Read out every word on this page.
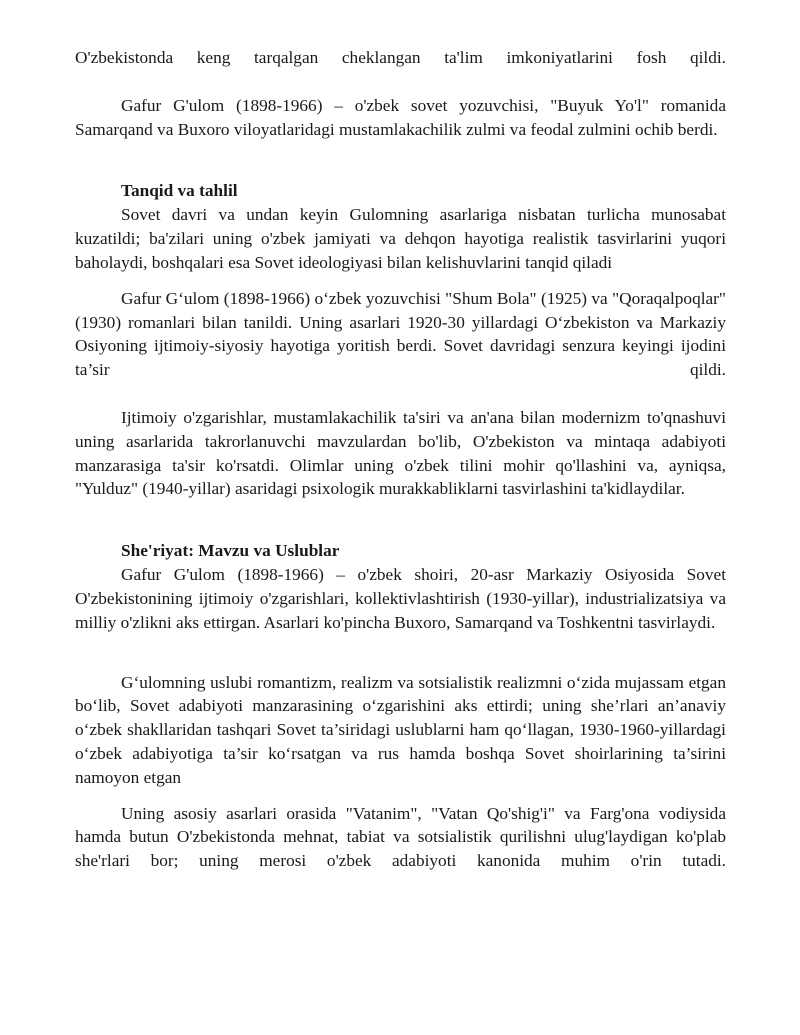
O'zbekistonda keng tarqalgan cheklangan ta'lim imkoniyatlarini fosh qildi.

Gafur G'ulom (1898-1966) – o'zbek sovet yozuvchisi, "Buyuk Yo'l" romanida Samarqand va Buxoro viloyatlaridagi mustamlakachilik zulmi va feodal zulmini ochib berdi.

Tanqid va tahlil

Sovet davri va undan keyin Gulomning asarlariga nisbatan turlicha munosabat kuzatildi; ba'zilari uning o'zbek jamiyati va dehqon hayotiga realistik tasvirlarini yuqori baholaydi, boshqalari esa Sovet ideologiyasi bilan kelishuvlarini tanqid qiladi

Gafur G‘ulom (1898-1966) o‘zbek yozuvchisi "Shum Bola" (1925) va "Qoraqalpoqlar" (1930) romanlari bilan tanildi. Uning asarlari 1920-30 yillardagi O‘zbekiston va Markaziy Osiyoning ijtimoiy-siyosiy hayotiga yoritish berdi. Sovet davridagi senzura keyingi ijodini ta’sir qildi.

Ijtimoiy o'zgarishlar, mustamlakachilik ta'siri va an'ana bilan modernizm to'qnashuvi uning asarlarida takrorlanuvchi mavzulardan bo'lib, O'zbekiston va mintaqa adabiyoti manzarasiga ta'sir ko'rsatdi. Olimlar uning o'zbek tilini mohir qo'llashini va, ayniqsa, "Yulduz" (1940-yillar) asaridagi psixologik murakkabliklarni tasvirlashini ta'kidlaydilar.

She'riyat: Mavzu va Uslublar

Gafur G'ulom (1898-1966) – o'zbek shoiri, 20-asr Markaziy Osiyosida Sovet O'zbekistonining ijtimoiy o'zgarishlari, kollektivlashtirish (1930-yillar), industrializatsiya va milliy o'zlikni aks ettirgan. Asarlari ko'pincha Buxoro, Samarqand va Toshkentni tasvirlaydi.

G‘ulomning uslubi romantizm, realizm va sotsialistik realizmni o‘zida mujassam etgan bo‘lib, Sovet adabiyoti manzarasining o‘zgarishini aks ettirdi; uning she’rlari an’anaviy o‘zbek shakllaridan tashqari Sovet ta’siridagi uslublarni ham qo‘llagan, 1930-1960-yillardagi o‘zbek adabiyotiga ta’sir ko‘rsatgan va rus hamda boshqa Sovet shoirlarining ta’sirini namoyon etgan

Uning asosiy asarlari orasida "Vatanim", "Vatan Qo'shig'i" va Farg'ona vodiysida hamda butun O'zbekistonda mehnat, tabiat va sotsialistik qurilishni ulug'laydigan ko'plab she'rlari bor; uning merosi o'zbek adabiyoti kanonida muhim o'rin tutadi.
